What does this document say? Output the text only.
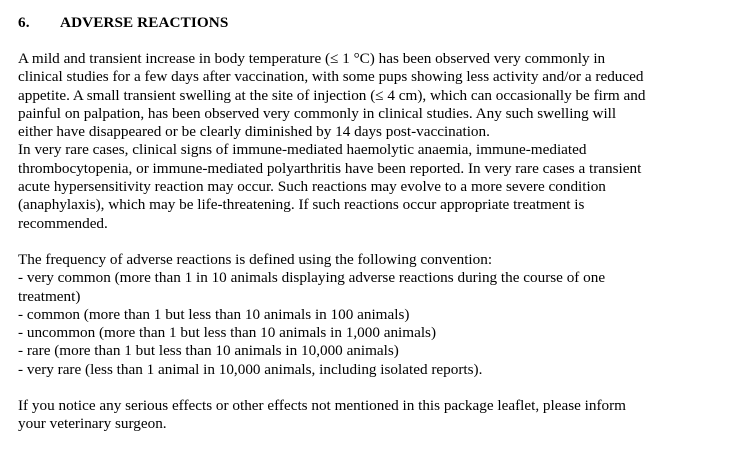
6.	ADVERSE REACTIONS
A mild and transient increase in body temperature (≤ 1 °C) has been observed very commonly in
clinical studies for a few days after vaccination, with some pups showing less activity and/or a reduced
appetite. A small transient swelling at the site of injection (≤ 4 cm), which can occasionally be firm and
painful on palpation, has been observed very commonly in clinical studies. Any such swelling will
either have disappeared or be clearly diminished by 14 days post-vaccination.
In very rare cases, clinical signs of immune-mediated haemolytic anaemia, immune-mediated
thrombocytopenia, or immune-mediated polyarthritis have been reported. In very rare cases a transient
acute hypersensitivity reaction may occur. Such reactions may evolve to a more severe condition
(anaphylaxis), which may be life-threatening. If such reactions occur appropriate treatment is
recommended.
The frequency of adverse reactions is defined using the following convention:
- very common (more than 1 in 10 animals displaying adverse reactions during the course of one
treatment)
- common (more than 1 but less than 10 animals in 100 animals)
- uncommon (more than 1 but less than 10 animals in 1,000 animals)
- rare (more than 1 but less than 10 animals in 10,000 animals)
- very rare (less than 1 animal in 10,000 animals, including isolated reports).
If you notice any serious effects or other effects not mentioned in this package leaflet, please inform
your veterinary surgeon.
